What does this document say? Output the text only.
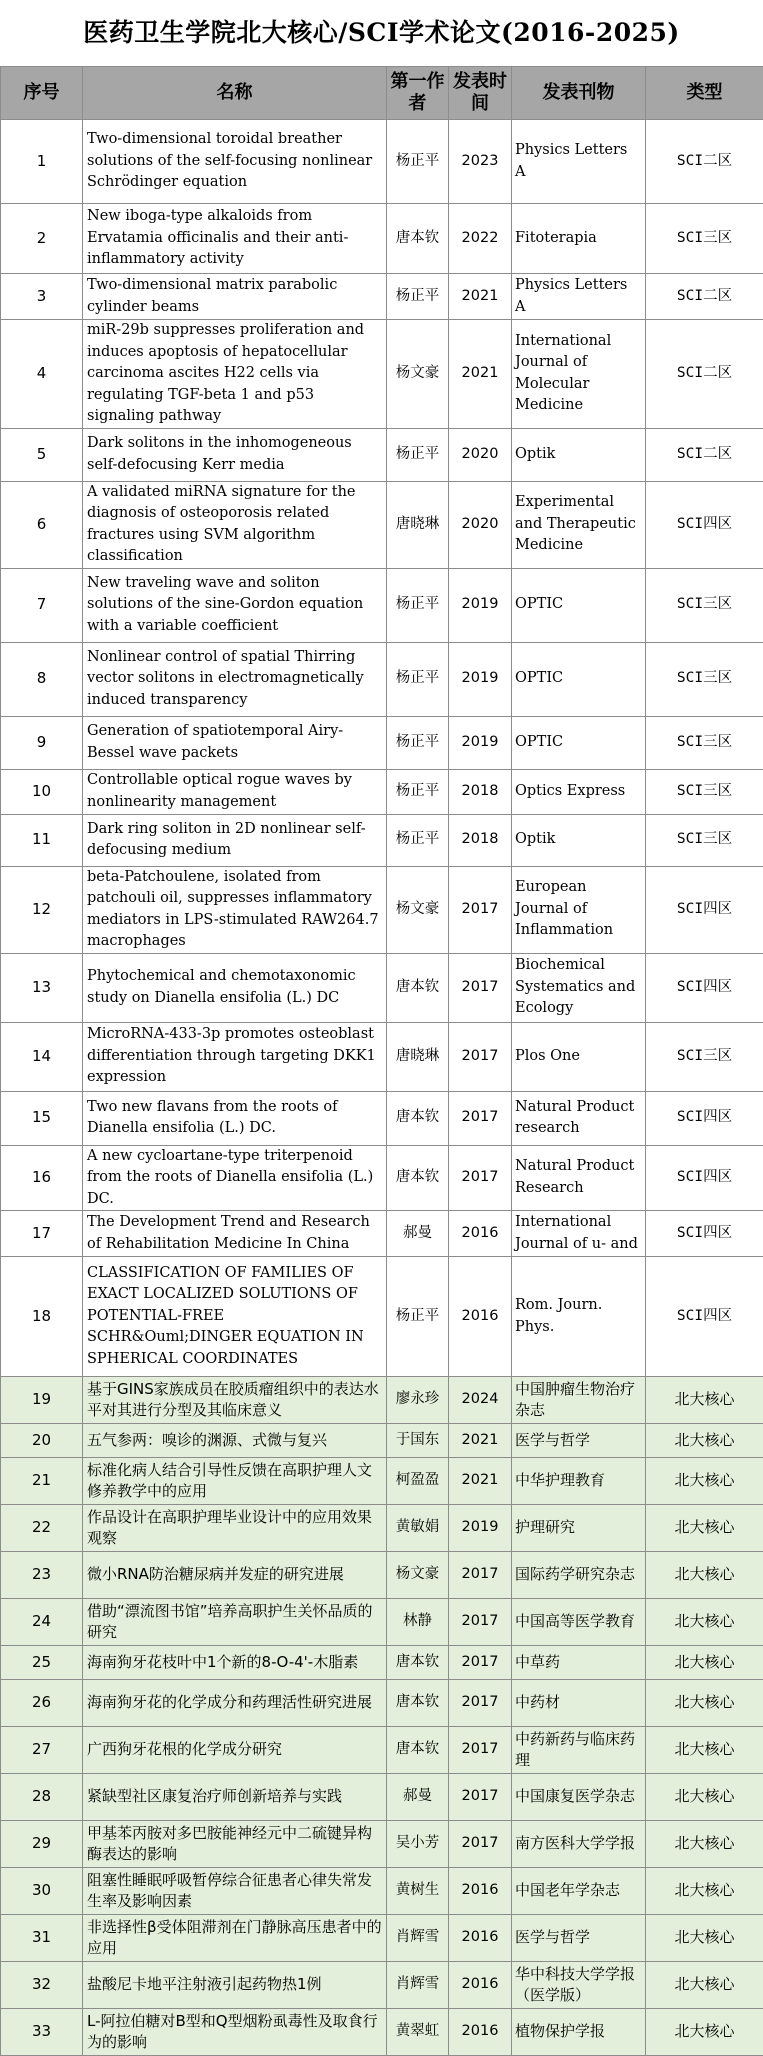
医药卫生学院北大核心/SCI学术论文(2016-2025)
序号	名称	第一作者	发表时间	发表刊物	类型
1	Two-dimensional toroidal breather solutions of the self-focusing nonlinear Schrödinger equation	杨正平	2023	Physics Letters A	SCI二区
2	New iboga-type alkaloids from Ervatamia officinalis and their anti-inflammatory activity	唐本钦	2022	Fitoterapia	SCI三区
3	Two-dimensional matrix parabolic cylinder beams	杨正平	2021	Physics Letters A	SCI二区
4	miR-29b suppresses proliferation and induces apoptosis of hepatocellular carcinoma ascites H22 cells via regulating TGF-beta 1 and p53 signaling pathway	杨文豪	2021	International Journal of Molecular Medicine	SCI二区
5	Dark solitons in the inhomogeneous self-defocusing Kerr media	杨正平	2020	Optik	SCI二区
6	A validated miRNA signature for the diagnosis of osteoporosis related fractures using SVM algorithm classification	唐晓琳	2020	Experimental and Therapeutic Medicine	SCI四区
7	New traveling wave and soliton solutions of the sine-Gordon equation with a variable coefficient	杨正平	2019	OPTIC	SCI三区
8	Nonlinear control of spatial Thirring vector solitons in electromagnetically induced transparency	杨正平	2019	OPTIC	SCI三区
9	Generation of spatiotemporal Airy-Bessel wave packets	杨正平	2019	OPTIC	SCI三区
10	Controllable optical rogue waves by nonlinearity management	杨正平	2018	Optics Express	SCI三区
11	Dark ring soliton in 2D nonlinear self-defocusing medium	杨正平	2018	Optik	SCI三区
12	beta-Patchoulene, isolated from patchouli oil, suppresses inflammatory mediators in LPS-stimulated RAW264.7 macrophages	杨文豪	2017	European Journal of Inflammation	SCI四区
13	Phytochemical and chemotaxonomic study on Dianella ensifolia (L.) DC	唐本钦	2017	Biochemical Systematics and Ecology	SCI四区
14	MicroRNA-433-3p promotes osteoblast differentiation through targeting DKK1 expression	唐晓琳	2017	Plos One	SCI三区
15	Two new flavans from the roots of Dianella ensifolia (L.) DC.	唐本钦	2017	Natural Product research	SCI四区
16	A new cycloartane-type triterpenoid from the roots of Dianella ensifolia (L.) DC.	唐本钦	2017	Natural Product Research	SCI四区
17	The Development Trend and Research of Rehabilitation Medicine In China	郝曼	2016	International Journal of u- and	SCI四区
18	CLASSIFICATION OF FAMILIES OF EXACT LOCALIZED SOLUTIONS OF POTENTIAL-FREE SCHR&Ouml;DINGER EQUATION IN SPHERICAL COORDINATES	杨正平	2016	Rom. Journ. Phys.	SCI四区
19	基于GINS家族成员在胶质瘤组织中的表达水平对其进行分型及其临床意义	廖永珍	2024	中国肿瘤生物治疗杂志	北大核心
20	五气参两：嗅诊的渊源、式微与复兴	于国东	2021	医学与哲学	北大核心
21	标准化病人结合引导性反馈在高职护理人文修养教学中的应用	柯盈盈	2021	中华护理教育	北大核心
22	作品设计在高职护理毕业设计中的应用效果观察	黄敏娟	2019	护理研究	北大核心
23	微小RNA防治糖尿病并发症的研究进展	杨文豪	2017	国际药学研究杂志	北大核心
24	借助“漂流图书馆”培养高职护生关怀品质的研究	林静	2017	中国高等医学教育	北大核心
25	海南狗牙花枝叶中1个新的8-O-4'-木脂素	唐本钦	2017	中草药	北大核心
26	海南狗牙花的化学成分和药理活性研究进展	唐本钦	2017	中药材	北大核心
27	广西狗牙花根的化学成分研究	唐本钦	2017	中药新药与临床药理	北大核心
28	紧缺型社区康复治疗师创新培养与实践	郝曼	2017	中国康复医学杂志	北大核心
29	甲基苯丙胺对多巴胺能神经元中二硫键异构酶表达的影响	吴小芳	2017	南方医科大学学报	北大核心
30	阻塞性睡眠呼吸暂停综合征患者心律失常发生率及影响因素	黄树生	2016	中国老年学杂志	北大核心
31	非选择性β受体阻滞剂在门静脉高压患者中的应用	肖辉雪	2016	医学与哲学	北大核心
32	盐酸尼卡地平注射液引起药物热1例	肖辉雪	2016	华中科技大学学报（医学版）	北大核心
33	L-阿拉伯糖对B型和Q型烟粉虱毒性及取食行为的影响	黄翠虹	2016	植物保护学报	北大核心
